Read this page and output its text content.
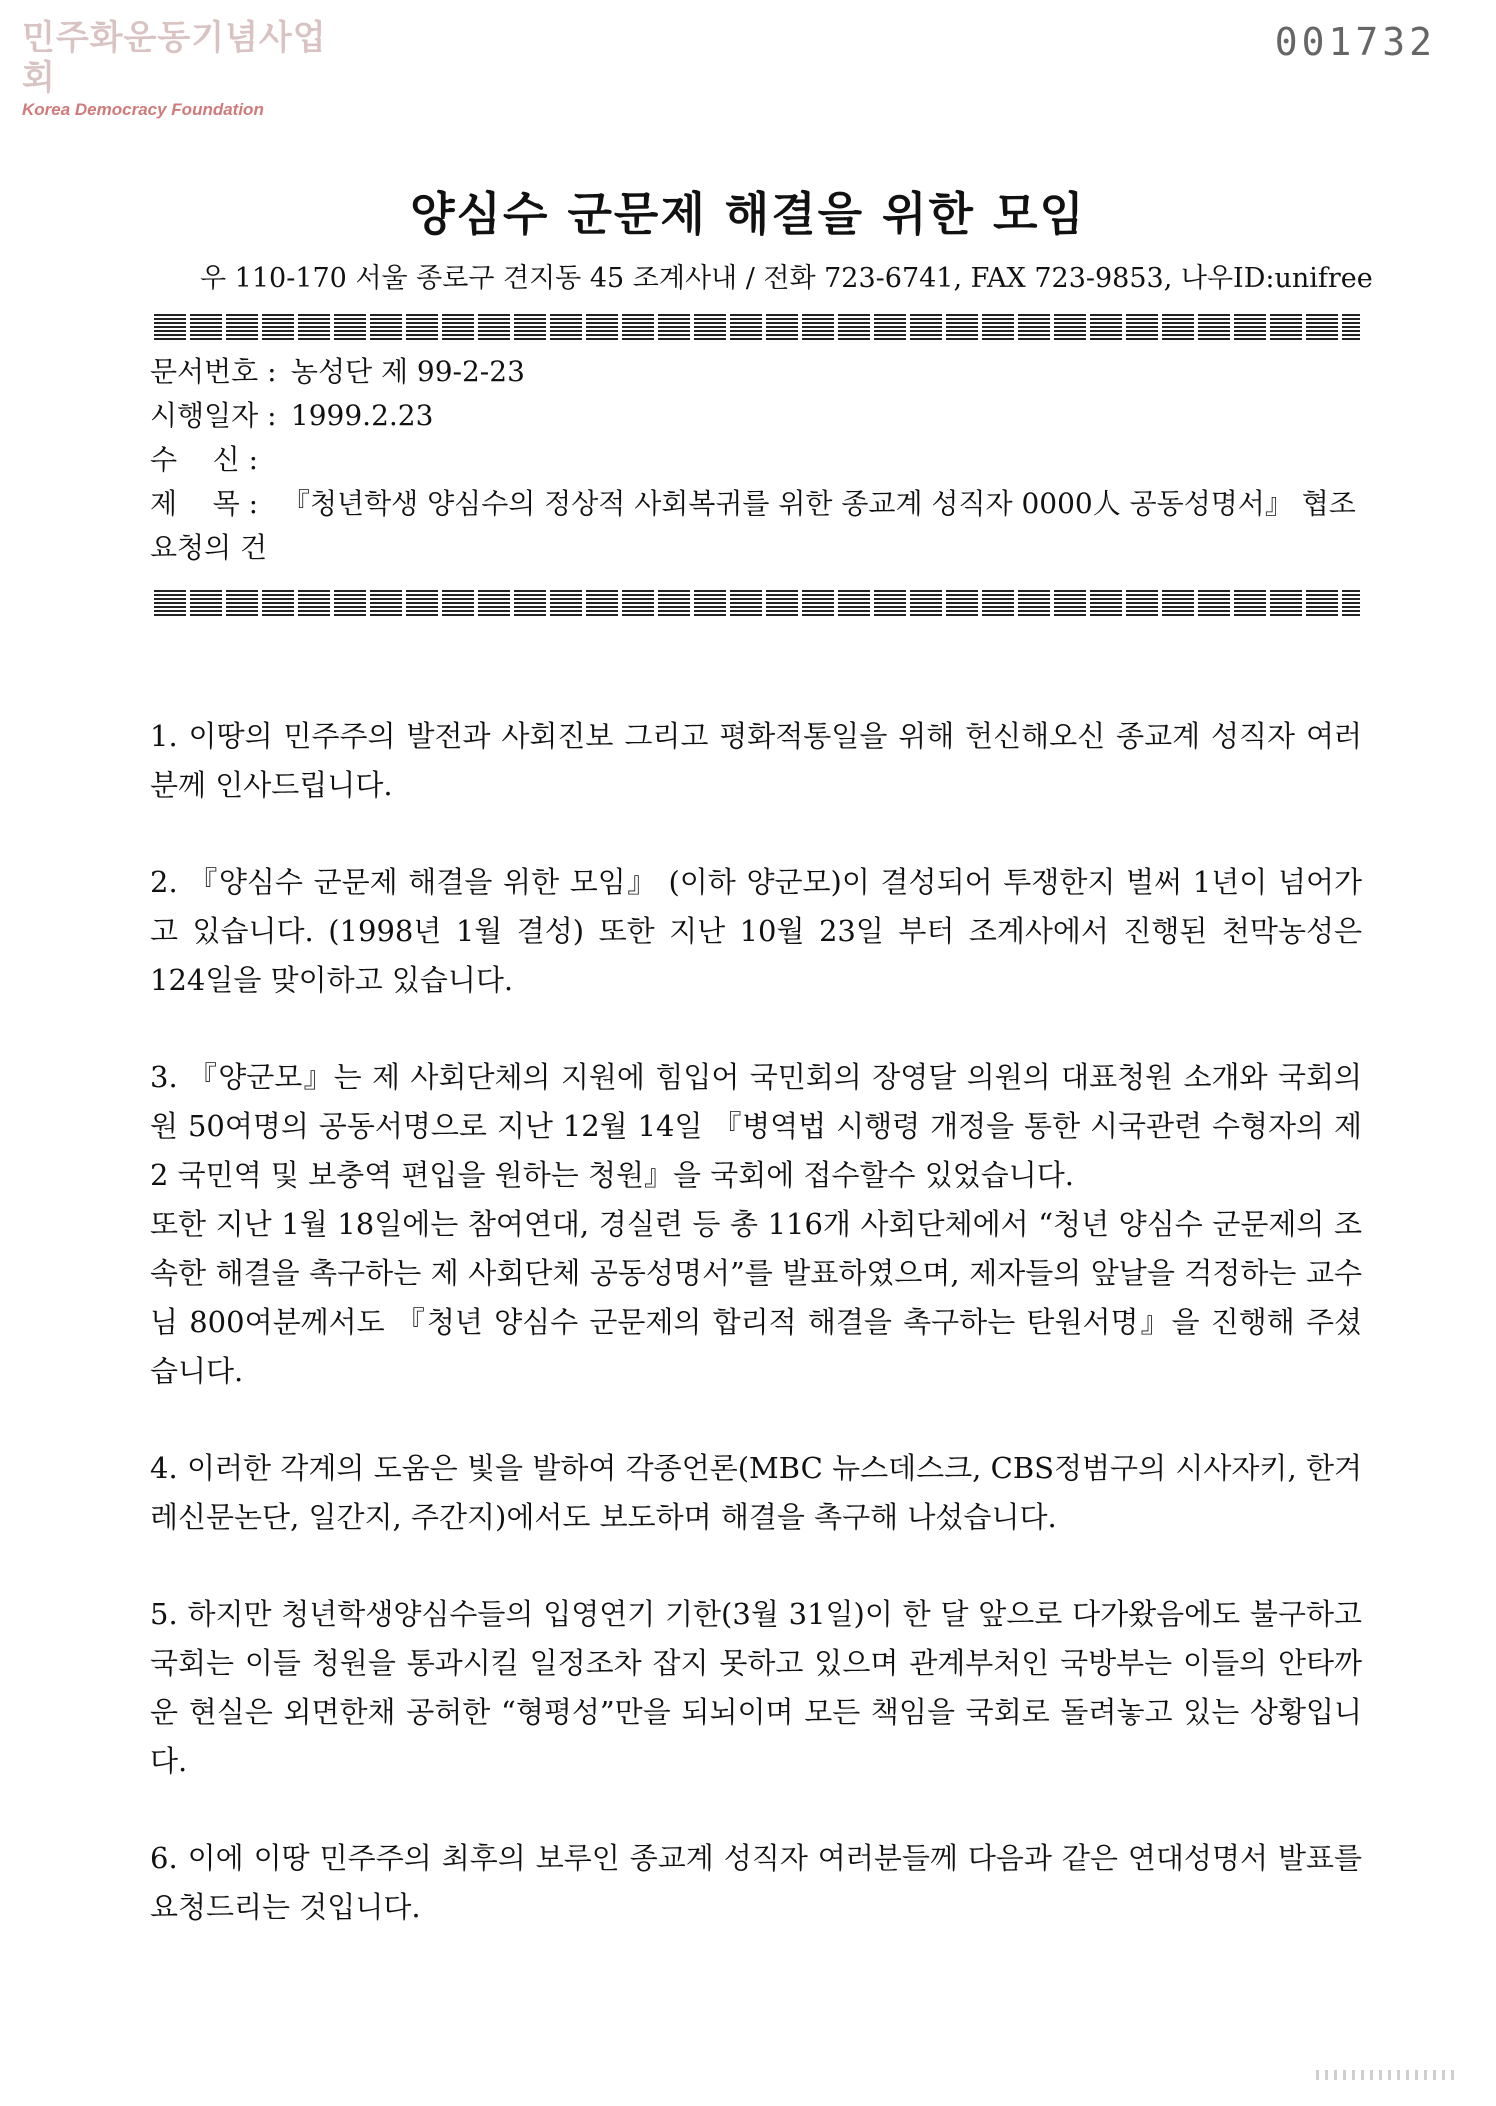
민주화운동기념사업회
Korea Democracy Foundation
001732
양심수 군문제 해결을 위한 모임
우 110-170 서울 종로구 견지동 45 조계사내 / 전화 723-6741, FAX 723-9853, 나우ID:unifree
문서번호 : 농성단 제 99-2-23
시행일자 : 1999.2.23
수    신 :
제    목 : 『청년학생 양심수의 정상적 사회복귀를 위한 종교계 성직자 0000人 공동성명서』 협조요청의 건

1. 이땅의 민주주의 발전과 사회진보 그리고 평화적통일을 위해 헌신해오신 종교계 성직자 여러분께 인사드립니다.

2. 『양심수 군문제 해결을 위한 모임』 (이하 양군모)이 결성되어 투쟁한지 벌써 1년이 넘어가고 있습니다. (1998년 1월 결성) 또한 지난 10월 23일 부터 조계사에서 진행된 천막농성은 124일을 맞이하고 있습니다.

3. 『양군모』는 제 사회단체의 지원에 힘입어 국민회의 장영달 의원의 대표청원 소개와 국회의원 50여명의 공동서명으로 지난 12월 14일 『병역법 시행령 개정을 통한 시국관련 수형자의 제 2 국민역 및 보충역 편입을 원하는 청원』을 국회에 접수할수 있었습니다.

또한 지난 1월 18일에는 참여연대, 경실련 등 총 116개 사회단체에서 “청년 양심수 군문제의 조속한 해결을 촉구하는 제 사회단체 공동성명서”를 발표하였으며, 제자들의 앞날을 걱정하는 교수님 800여분께서도 『청년 양심수 군문제의 합리적 해결을 촉구하는 탄원서명』을 진행해 주셨습니다.

4. 이러한 각계의 도움은 빛을 발하여 각종언론(MBC 뉴스데스크, CBS정범구의 시사자키, 한겨레신문논단, 일간지, 주간지)에서도 보도하며 해결을 촉구해 나섰습니다.

5. 하지만 청년학생양심수들의 입영연기 기한(3월 31일)이 한 달 앞으로 다가왔음에도 불구하고 국회는 이들 청원을 통과시킬 일정조차 잡지 못하고 있으며 관계부처인 국방부는 이들의 안타까운 현실은 외면한채 공허한 “형평성”만을 되뇌이며 모든 책임을 국회로 돌려놓고 있는 상황입니다.

6. 이에 이땅 민주주의 최후의 보루인 종교계 성직자 여러분들께 다음과 같은 연대성명서 발표를 요청드리는 것입니다.
